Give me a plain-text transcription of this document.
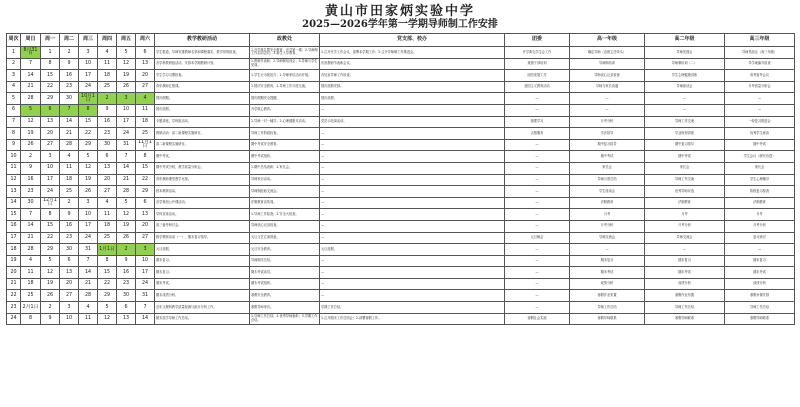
黄山市田家炳实验中学
2025—2026学年第一学期导师制工作安排
周次	周日	周一	周二	周三	周四	周五	周六	教学教研活动	政教处	党支部、校办	团委	高一年级	高二年级	高三年级
1	8月31日	1	2	3	4	5	6	学生报道，导师安排教师名单和课程落实，教学常规检查。	1.开学典礼暨安全教育、开学第一课；2.导师制工作启动会议；3.新生入学教育。	1.召开开学工作会议，部署本学期工作；2.召开导师制工作推进会。	开学典礼学生会工作	确定导师（由班主任牵头）	导师见面会	导师见面会（高三年级）
2	7	8	9	10	11	12	13	各学科教研组活动，安排本学期教研计划。	1.教师节表彰；2.导师制培训会；3.导师与学生见面。	庆祝教师节表彰会议。	班团干部培训	导师制培训	导师制培训（二）	导学案编写检查
3	14	15	16	17	18	19	20	学生学习习惯检查。	1.学生行为规范月；2.导师家访活动开展。	各处室导师工作检查。	团员发展工作	导师谈心记录检查	学生心理健康讲座	高考备考会议
4	21	22	23	24	25	26	27	青年教师汇报课。	1.国庆安全教育；2.导师工作月度交流。	国庆放假安排。	爱国主义教育活动	导师与家长沟通	导师座谈会	月考质量分析会
5	28	29	30	10月1日	2	3	4	国庆假期。	国庆假期安全提醒。	国庆放假。	—	—	—	—
6	5	6	7	8	9	10	11	国庆放假。	开学收心教育。	—	—	—	—	—
7	12	13	14	15	16	17	18	专题讲座，学科组活动。	1.导师一对一辅导；2.心理健康月活动。	党员示范岗活动。	团课学习	月考分析	导师工作交流	一轮复习推进会
8	19	20	21	22	23	24	25	教研活动：高二新课程实施研讨。	导师工作阶段检查。	—	志愿服务	学法指导	学业规划讲座	优秀学生座谈
9	26	27	28	29	30	31	11月1日	高二新课程实施研讨。	期中考试安全教育。	—	—	期中复习指导	期中复习指导	期中考试
10	2	3	4	5	6	7	8	期中考试。	期中考试组织。	—	—	期中考试	期中考试	学生会议（研究后进）
11	9	10	11	12	13	14	15	期中考试分析，教学质量分析会。	1.期中总结表彰；2.家长会。	—	—	家长会	家长会	家长会
12	16	17	18	19	20	21	22	青年教师课堂教学比赛。	导师家访活动。	—	—	导师月度总结	导师工作交流	学生心理辅导
13	23	24	25	26	27	28	29	校本教研活动。	导师制经验交流会。	—	—	学生座谈会	优秀导师评选	阶段复习检查
14	30	12月1日	2	3	4	5	6	各学科组公开课活动。	法制教育宣传周。	—	—	法制教育	法制教育	法制教育
15	7	8	9	10	11	12	13	学科竞赛活动。	1.导师工作检查；2.安全大检查。	—	—	月考	月考	月考
16	14	15	16	17	18	19	20	高三备考研讨会。	导师谈心记录检查。	—	—	月考分析	月考分析	月考分析
17	21	22	23	24	25	26	27	数学教研活动（一），期末复习指导。	元旦文艺汇演准备。	—	元旦晚会	导师交流会	导师交流会	复习研讨
18	28	29	30	31	1月1日	2	3	元旦放假。	元旦安全教育。	元旦放假。	—	—	—	—
19	4	5	6	7	8	9	10	期末复习。	导师期末总结。	—	—	期末复习	期末复习	期末复习
20	11	12	13	14	15	16	17	期末复习。	期末考试动员。	—	—	期末考试	期末考试	期末考试
21	18	19	20	21	22	23	24	期末考试。	期末考试组织。	—	—	成绩分析	成绩分析	成绩分析
22	25	26	27	28	29	30	31	期末成绩分析。	寒假安全教育。	—	—	寒假作业布置	寒假作业布置	寒假补课安排
23	2月1日	2	3	4	5	6	7	近年文理科教学质量检测与统计分析工作。	寒假导师家访。	学期工作总结。	—	导师工作总结	导师工作总结	导师工作总结
24	8	9	10	11	12	13	14	期末放学导师工作总结。	1.导师工作总结；2.优秀导师表彰；3.学期工作总结。	1.召开期末工作总结会；2.部署寒假工作。	寒假社会实践	寒假导师联系	寒假导师联系	寒假导师联系
